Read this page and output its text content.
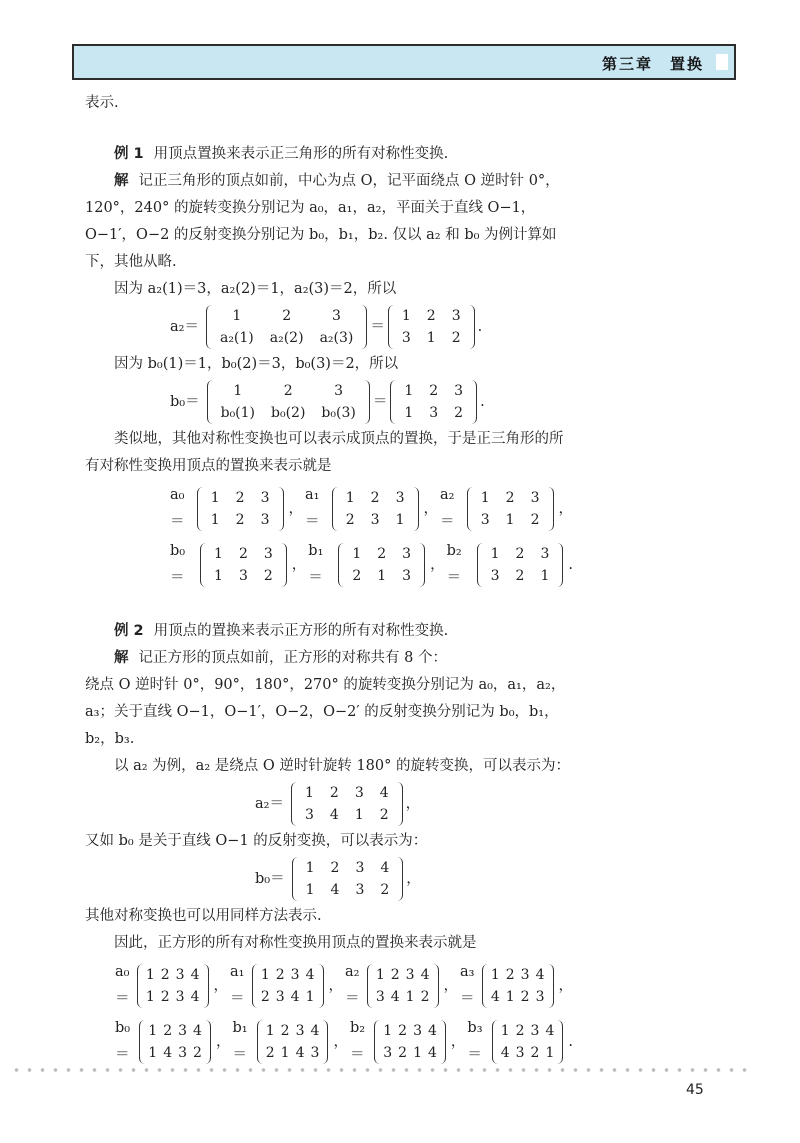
第三章　置换

表示.

例 1 用顶点置换来表示正三角形的所有对称性变换.

解 记正三角形的顶点如前，中心为点 O，记平面绕点 O 逆时针 0°，120°，240° 的旋转变换分别记为 a₀，a₁，a₂，平面关于直线 O−1，O−1′，O−2 的反射变换分别记为 b₀，b₁，b₂. 仅以 a₂ 和 b₀ 为例计算如下，其他从略.

因为 a₂(1)＝3，a₂(2)＝1，a₂(3)＝2，所以

a₂＝
1	2	3
a₂(1)	a₂(2)	a₂(3)
＝
1	2	3
3	1	2
.

因为 b₀(1)＝1，b₀(2)＝3，b₀(3)＝2，所以

b₀＝
1	2	3
b₀(1)	b₀(2)	b₀(3)
＝
1	2	3
1	3	2
.

类似地，其他对称性变换也可以表示成顶点的置换，于是正三角形的所有对称性变换用顶点的置换来表示就是

a₀＝
1	2	3
1	2	3
，
a₁＝
1	2	3
2	3	1
，
a₂＝
1	2	3
3	1	2
，
b₀＝
1	2	3
1	3	2
，
b₁＝
1	2	3
2	1	3
，
b₂＝
1	2	3
3	2	1
.

例 2 用顶点的置换来表示正方形的所有对称性变换.

解 记正方形的顶点如前，正方形的对称共有 8 个：

绕点 O 逆时针 0°，90°，180°，270° 的旋转变换分别记为 a₀，a₁，a₂，a₃；关于直线 O−1，O−1′，O−2，O−2′ 的反射变换分别记为 b₀，b₁，b₂，b₃.

以 a₂ 为例，a₂ 是绕点 O 逆时针旋转 180° 的旋转变换，可以表示为：

a₂＝
1	2	3	4
3	4	1	2
，

又如 b₀ 是关于直线 O−1 的反射变换，可以表示为：

b₀＝
1	2	3	4
1	4	3	2
，

其他对称变换也可以用同样方法表示.

因此，正方形的所有对称性变换用顶点的置换来表示就是

a₀＝
1	2	3	4
1	2	3	4
，
a₁＝
1	2	3	4
2	3	4	1
，
a₂＝
1	2	3	4
3	4	1	2
，
a₃＝
1	2	3	4
4	1	2	3
，
b₀＝
1	2	3	4
1	4	3	2
，
b₁＝
1	2	3	4
2	1	4	3
，
b₂＝
1	2	3	4
3	2	1	4
，
b₃＝
1	2	3	4
4	3	2	1
.
45
